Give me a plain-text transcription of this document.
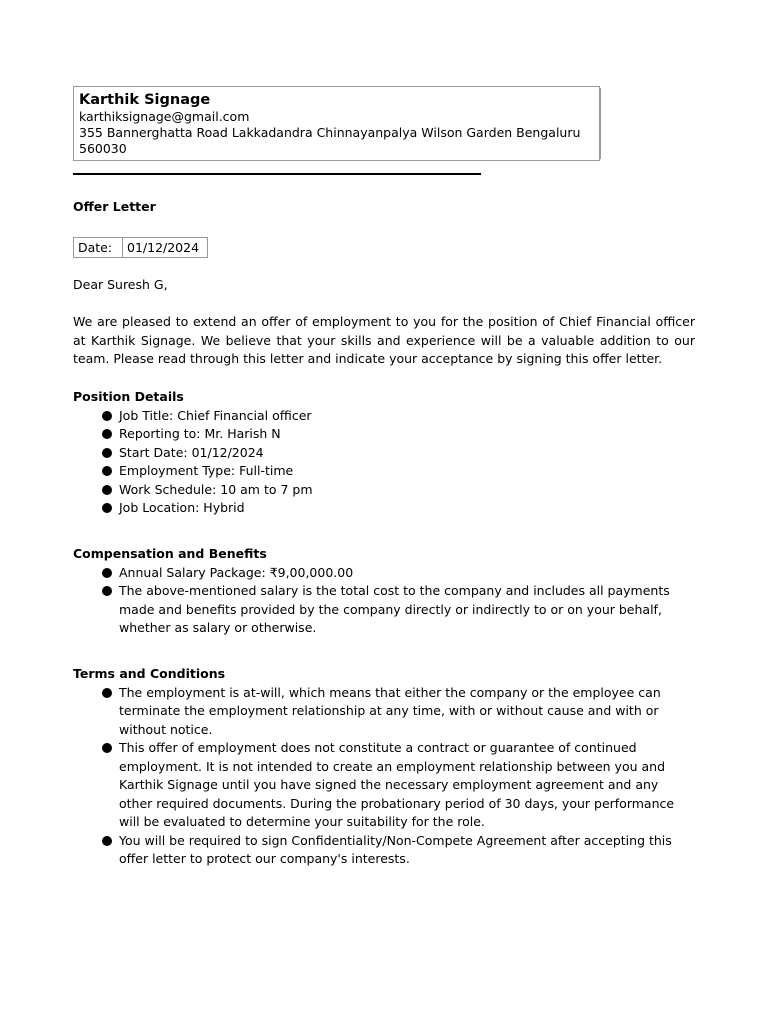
Karthik Signage
karthiksignage@gmail.com
355 Bannerghatta Road Lakkadandra Chinnayanpalya Wilson Garden Bengaluru
560030
Offer Letter
Date:	01/12/2024
Dear Suresh G,
We are pleased to extend an offer of employment to you for the position of Chief Financial officer at Karthik Signage. We believe that your skills and experience will be a valuable addition to our team. Please read through this letter and indicate your acceptance by signing this offer letter.
Position Details
Job Title: Chief Financial officer
Reporting to: Mr. Harish N
Start Date: 01/12/2024
Employment Type: Full-time
Work Schedule: 10 am to 7 pm
Job Location: Hybrid
Compensation and Benefits
Annual Salary Package: ₹9,00,000.00
The above-mentioned salary is the total cost to the company and includes all payments made and benefits provided by the company directly or indirectly to or on your behalf, whether as salary or otherwise.
Terms and Conditions
The employment is at-will, which means that either the company or the employee can terminate the employment relationship at any time, with or without cause and with or without notice.
This offer of employment does not constitute a contract or guarantee of continued employment. It is not intended to create an employment relationship between you and Karthik Signage until you have signed the necessary employment agreement and any other required documents. During the probationary period of 30 days, your performance will be evaluated to determine your suitability for the role.
You will be required to sign Confidentiality/Non-Compete Agreement after accepting this offer letter to protect our company's interests.
